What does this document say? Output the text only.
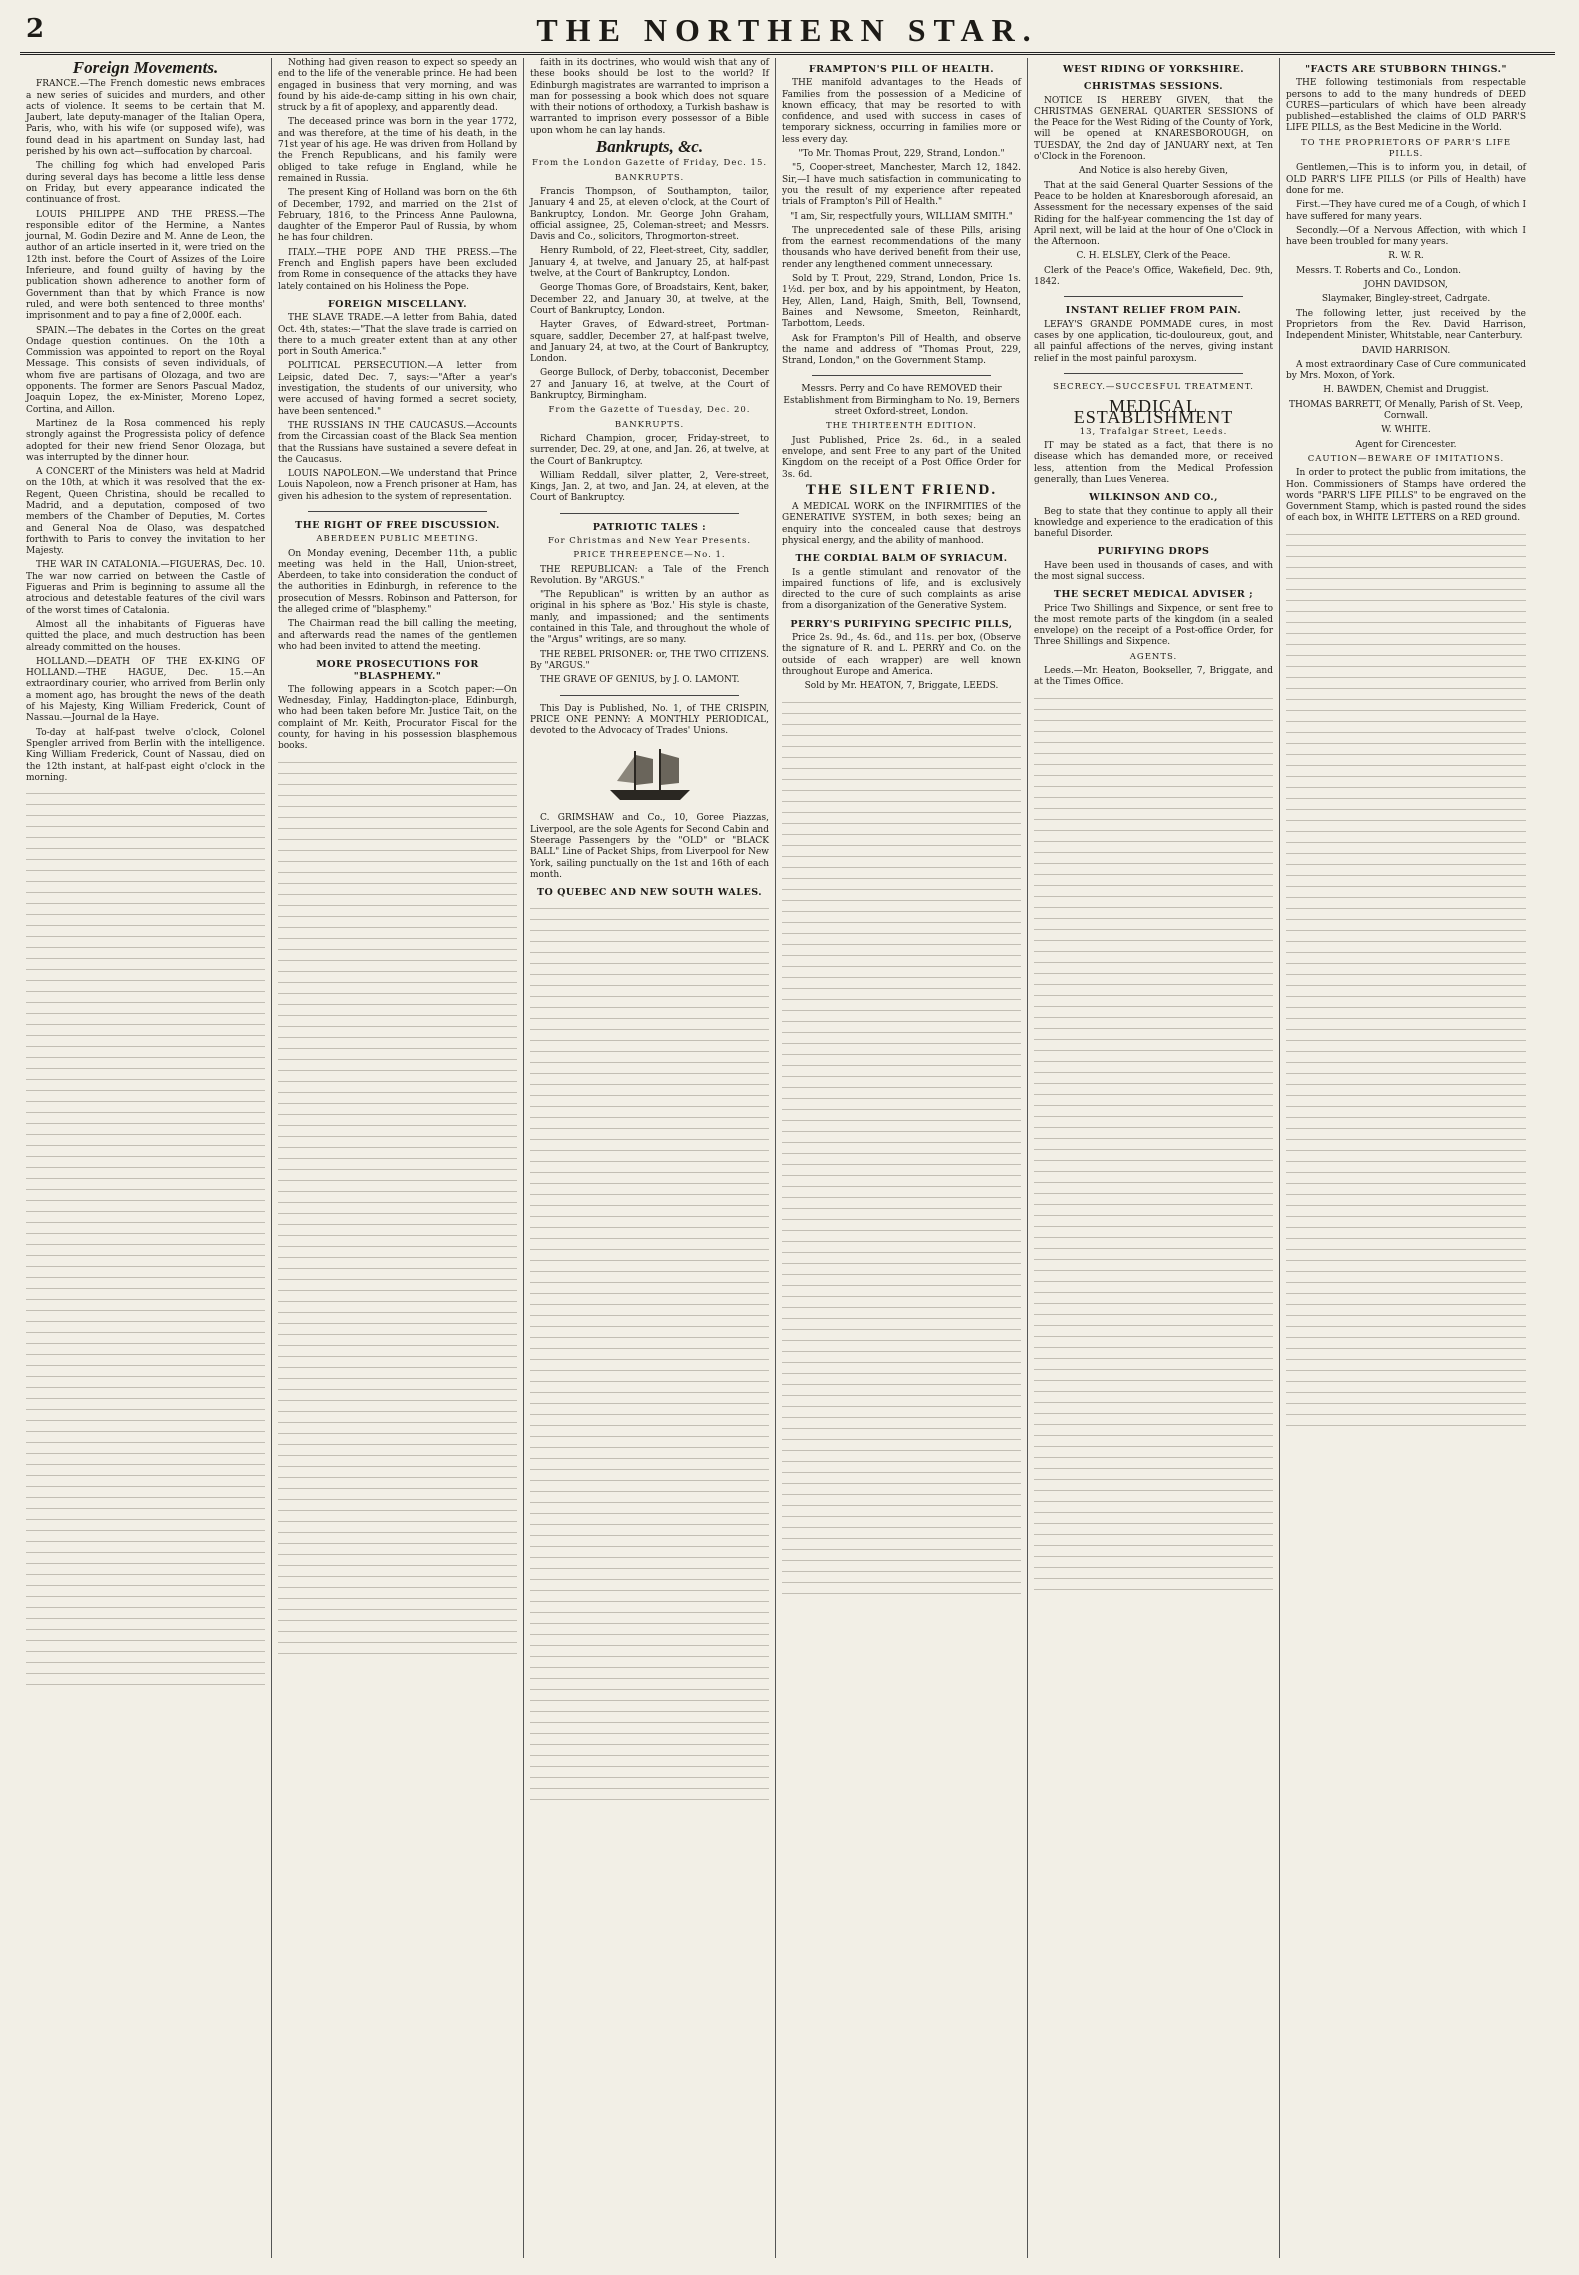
2	THE NORTHERN STAR.
Foreign Movements.

FRANCE.—The French domestic news embraces a new series of suicides and murders, and other acts of violence. It seems to be certain that M. Jaubert, late deputy-manager of the Italian Opera, Paris, who, with his wife (or supposed wife), was found dead in his apartment on Sunday last, had perished by his own act—suffocation by charcoal.

The chilling fog which had enveloped Paris during several days has become a little less dense on Friday, but every appearance indicated the continuance of frost.

LOUIS PHILIPPE AND THE PRESS.—The responsible editor of the Hermine, a Nantes journal, M. Godin Dezire and M. Anne de Leon, the author of an article inserted in it, were tried on the 12th inst. before the Court of Assizes of the Loire Inferieure, and found guilty of having by the publication shown adherence to another form of Government than that by which France is now ruled, and were both sentenced to three months' imprisonment and to pay a fine of 2,000f. each.

SPAIN.—The debates in the Cortes on the great Ondage question continues. On the 10th a Commission was appointed to report on the Royal Message. This consists of seven individuals, of whom five are partisans of Olozaga, and two are opponents. The former are Senors Pascual Madoz, Joaquin Lopez, the ex-Minister, Moreno Lopez, Cortina, and Aillon.

Martinez de la Rosa commenced his reply strongly against the Progressista policy of defence adopted for their new friend Senor Olozaga, but was interrupted by the dinner hour.

A CONCERT of the Ministers was held at Madrid on the 10th, at which it was resolved that the ex-Regent, Queen Christina, should be recalled to Madrid, and a deputation, composed of two members of the Chamber of Deputies, M. Cortes and General Noa de Olaso, was despatched forthwith to Paris to convey the invitation to her Majesty.

THE WAR IN CATALONIA.—FIGUERAS, Dec. 10. The war now carried on between the Castle of Figueras and Prim is beginning to assume all the atrocious and detestable features of the civil wars of the worst times of Catalonia.

Almost all the inhabitants of Figueras have quitted the place, and much destruction has been already committed on the houses.

HOLLAND.—DEATH OF THE EX-KING OF HOLLAND.—THE HAGUE, Dec. 15.—An extraordinary courier, who arrived from Berlin only a moment ago, has brought the news of the death of his Majesty, King William Frederick, Count of Nassau.—Journal de la Haye.

To-day at half-past twelve o'clock, Colonel Spengler arrived from Berlin with the intelligence. King William Frederick, Count of Nassau, died on the 12th instant, at half-past eight o'clock in the morning.

Nothing had given reason to expect so speedy an end to the life of the venerable prince. He had been engaged in business that very morning, and was found by his aide-de-camp sitting in his own chair, struck by a fit of apoplexy, and apparently dead.

The deceased prince was born in the year 1772, and was therefore, at the time of his death, in the 71st year of his age. He was driven from Holland by the French Republicans, and his family were obliged to take refuge in England, while he remained in Russia.

The present King of Holland was born on the 6th of December, 1792, and married on the 21st of February, 1816, to the Princess Anne Paulowna, daughter of the Emperor Paul of Russia, by whom he has four children.

ITALY.—THE POPE AND THE PRESS.—The French and English papers have been excluded from Rome in consequence of the attacks they have lately contained on his Holiness the Pope.

FOREIGN MISCELLANY.

THE SLAVE TRADE.—A letter from Bahia, dated Oct. 4th, states:—"That the slave trade is carried on there to a much greater extent than at any other port in South America."

POLITICAL PERSECUTION.—A letter from Leipsic, dated Dec. 7, says:—"After a year's investigation, the students of our university, who were accused of having formed a secret society, have been sentenced."

THE RUSSIANS IN THE CAUCASUS.—Accounts from the Circassian coast of the Black Sea mention that the Russians have sustained a severe defeat in the Caucasus.

LOUIS NAPOLEON.—We understand that Prince Louis Napoleon, now a French prisoner at Ham, has given his adhesion to the system of representation.

THE RIGHT OF FREE DISCUSSION.
ABERDEEN PUBLIC MEETING.

On Monday evening, December 11th, a public meeting was held in the Hall, Union-street, Aberdeen, to take into consideration the conduct of the authorities in Edinburgh, in reference to the prosecution of Messrs. Robinson and Patterson, for the alleged crime of "blasphemy."

The Chairman read the bill calling the meeting, and afterwards read the names of the gentlemen who had been invited to attend the meeting.

MORE PROSECUTIONS FOR "BLASPHEMY."

The following appears in a Scotch paper:—On Wednesday, Finlay, Haddington-place, Edinburgh, who had been taken before Mr. Justice Tait, on the complaint of Mr. Keith, Procurator Fiscal for the county, for having in his possession blasphemous books.

faith in its doctrines, who would wish that any of these books should be lost to the world? If Edinburgh magistrates are warranted to imprison a man for possessing a book which does not square with their notions of orthodoxy, a Turkish bashaw is warranted to imprison every possessor of a Bible upon whom he can lay hands.

Bankrupts, &c.
From the London Gazette of Friday, Dec. 15.
BANKRUPTS.

Francis Thompson, of Southampton, tailor, January 4 and 25, at eleven o'clock, at the Court of Bankruptcy, London. Mr. George John Graham, official assignee, 25, Coleman-street; and Messrs. Davis and Co., solicitors, Throgmorton-street.

Henry Rumbold, of 22, Fleet-street, City, saddler, January 4, at twelve, and January 25, at half-past twelve, at the Court of Bankruptcy, London.

George Thomas Gore, of Broadstairs, Kent, baker, December 22, and January 30, at twelve, at the Court of Bankruptcy, London.

Hayter Graves, of Edward-street, Portman-square, saddler, December 27, at half-past twelve, and January 24, at two, at the Court of Bankruptcy, London.

George Bullock, of Derby, tobacconist, December 27 and January 16, at twelve, at the Court of Bankruptcy, Birmingham.

From the Gazette of Tuesday, Dec. 20.
BANKRUPTS.

Richard Champion, grocer, Friday-street, to surrender, Dec. 29, at one, and Jan. 26, at twelve, at the Court of Bankruptcy.

William Reddall, silver platter, 2, Vere-street, Kings, Jan. 2, at two, and Jan. 24, at eleven, at the Court of Bankruptcy.

PATRIOTIC TALES :
For Christmas and New Year Presents.
PRICE THREEPENCE—No. 1.

THE REPUBLICAN: a Tale of the French Revolution. By "ARGUS."

"The Republican" is written by an author as original in his sphere as 'Boz.' His style is chaste, manly, and impassioned; and the sentiments contained in this Tale, and throughout the whole of the "Argus" writings, are so many.

THE REBEL PRISONER: or, THE TWO CITIZENS. By "ARGUS."

THE GRAVE OF GENIUS, by J. O. LAMONT.

This Day is Published, No. 1, of THE CRISPIN, PRICE ONE PENNY: A MONTHLY PERIODICAL, devoted to the Advocacy of Trades' Unions.

C. GRIMSHAW and Co., 10, Goree Piazzas, Liverpool, are the sole Agents for Second Cabin and Steerage Passengers by the "OLD" or "BLACK BALL" Line of Packet Ships, from Liverpool for New York, sailing punctually on the 1st and 16th of each month.

TO QUEBEC AND NEW SOUTH WALES.
FRAMPTON'S PILL OF HEALTH.

THE manifold advantages to the Heads of Families from the possession of a Medicine of known efficacy, that may be resorted to with confidence, and used with success in cases of temporary sickness, occurring in families more or less every day.

"To Mr. Thomas Prout, 229, Strand, London."

"5, Cooper-street, Manchester, March 12, 1842. Sir,—I have much satisfaction in communicating to you the result of my experience after repeated trials of Frampton's Pill of Health."

"I am, Sir, respectfully yours, WILLIAM SMITH."

The unprecedented sale of these Pills, arising from the earnest recommendations of the many thousands who have derived benefit from their use, render any lengthened comment unnecessary.

Sold by T. Prout, 229, Strand, London, Price 1s. 1½d. per box, and by his appointment, by Heaton, Hey, Allen, Land, Haigh, Smith, Bell, Townsend, Baines and Newsome, Smeeton, Reinhardt, Tarbottom, Leeds.

Ask for Frampton's Pill of Health, and observe the name and address of "Thomas Prout, 229, Strand, London," on the Government Stamp.

Messrs. Perry and Co have REMOVED their Establishment from Birmingham to No. 19, Berners street Oxford-street, London.

THE THIRTEENTH EDITION.

Just Published, Price 2s. 6d., in a sealed envelope, and sent Free to any part of the United Kingdom on the receipt of a Post Office Order for 3s. 6d.

THE SILENT FRIEND.

A MEDICAL WORK on the INFIRMITIES of the GENERATIVE SYSTEM, in both sexes; being an enquiry into the concealed cause that destroys physical energy, and the ability of manhood.

THE CORDIAL BALM OF SYRIACUM.

Is a gentle stimulant and renovator of the impaired functions of life, and is exclusively directed to the cure of such complaints as arise from a disorganization of the Generative System.

PERRY'S PURIFYING SPECIFIC PILLS,

Price 2s. 9d., 4s. 6d., and 11s. per box, (Observe the signature of R. and L. PERRY and Co. on the outside of each wrapper) are well known throughout Europe and America.

Sold by Mr. HEATON, 7, Briggate, LEEDS.

WEST RIDING OF YORKSHIRE.
CHRISTMAS SESSIONS.

NOTICE IS HEREBY GIVEN, that the CHRISTMAS GENERAL QUARTER SESSIONS of the Peace for the West Riding of the County of York, will be opened at KNARESBOROUGH, on TUESDAY, the 2nd day of JANUARY next, at Ten o'Clock in the Forenoon.

And Notice is also hereby Given,

That at the said General Quarter Sessions of the Peace to be holden at Knaresborough aforesaid, an Assessment for the necessary expenses of the said Riding for the half-year commencing the 1st day of April next, will be laid at the hour of One o'Clock in the Afternoon.

C. H. ELSLEY, Clerk of the Peace.

Clerk of the Peace's Office, Wakefield, Dec. 9th, 1842.

INSTANT RELIEF FROM PAIN.

LEFAY'S GRANDE POMMADE cures, in most cases by one application, tic-douloureux, gout, and all painful affections of the nerves, giving instant relief in the most painful paroxysm.

SECRECY.—SUCCESFUL TREATMENT.
MEDICAL ESTABLISHMENT
13, Trafalgar Street, Leeds.

IT may be stated as a fact, that there is no disease which has demanded more, or received less, attention from the Medical Profession generally, than Lues Venerea.

WILKINSON AND CO.,

Beg to state that they continue to apply all their knowledge and experience to the eradication of this baneful Disorder.

PURIFYING DROPS

Have been used in thousands of cases, and with the most signal success.

THE SECRET MEDICAL ADVISER ;

Price Two Shillings and Sixpence, or sent free to the most remote parts of the kingdom (in a sealed envelope) on the receipt of a Post-office Order, for Three Shillings and Sixpence.

AGENTS.

Leeds.—Mr. Heaton, Bookseller, 7, Briggate, and at the Times Office.

"FACTS ARE STUBBORN THINGS."

THE following testimonials from respectable persons to add to the many hundreds of DEED CURES—particulars of which have been already published—established the claims of OLD PARR'S LIFE PILLS, as the Best Medicine in the World.

TO THE PROPRIETORS OF PARR'S LIFE PILLS.

Gentlemen,—This is to inform you, in detail, of OLD PARR'S LIFE PILLS (or Pills of Health) have done for me.

First.—They have cured me of a Cough, of which I have suffered for many years.

Secondly.—Of a Nervous Affection, with which I have been troubled for many years.

R. W. R.

Messrs. T. Roberts and Co., London.

JOHN DAVIDSON,

Slaymaker, Bingley-street, Cadrgate.

The following letter, just received by the Proprietors from the Rev. David Harrison, Independent Minister, Whitstable, near Canterbury.

DAVID HARRISON.

A most extraordinary Case of Cure communicated by Mrs. Moxon, of York.

H. BAWDEN, Chemist and Druggist.

THOMAS BARRETT, Of Menally, Parish of St. Veep, Cornwall.

W. WHITE.

Agent for Cirencester.

CAUTION—BEWARE OF IMITATIONS.

In order to protect the public from imitations, the Hon. Commissioners of Stamps have ordered the words "PARR'S LIFE PILLS" to be engraved on the Government Stamp, which is pasted round the sides of each box, in WHITE LETTERS on a RED ground.
